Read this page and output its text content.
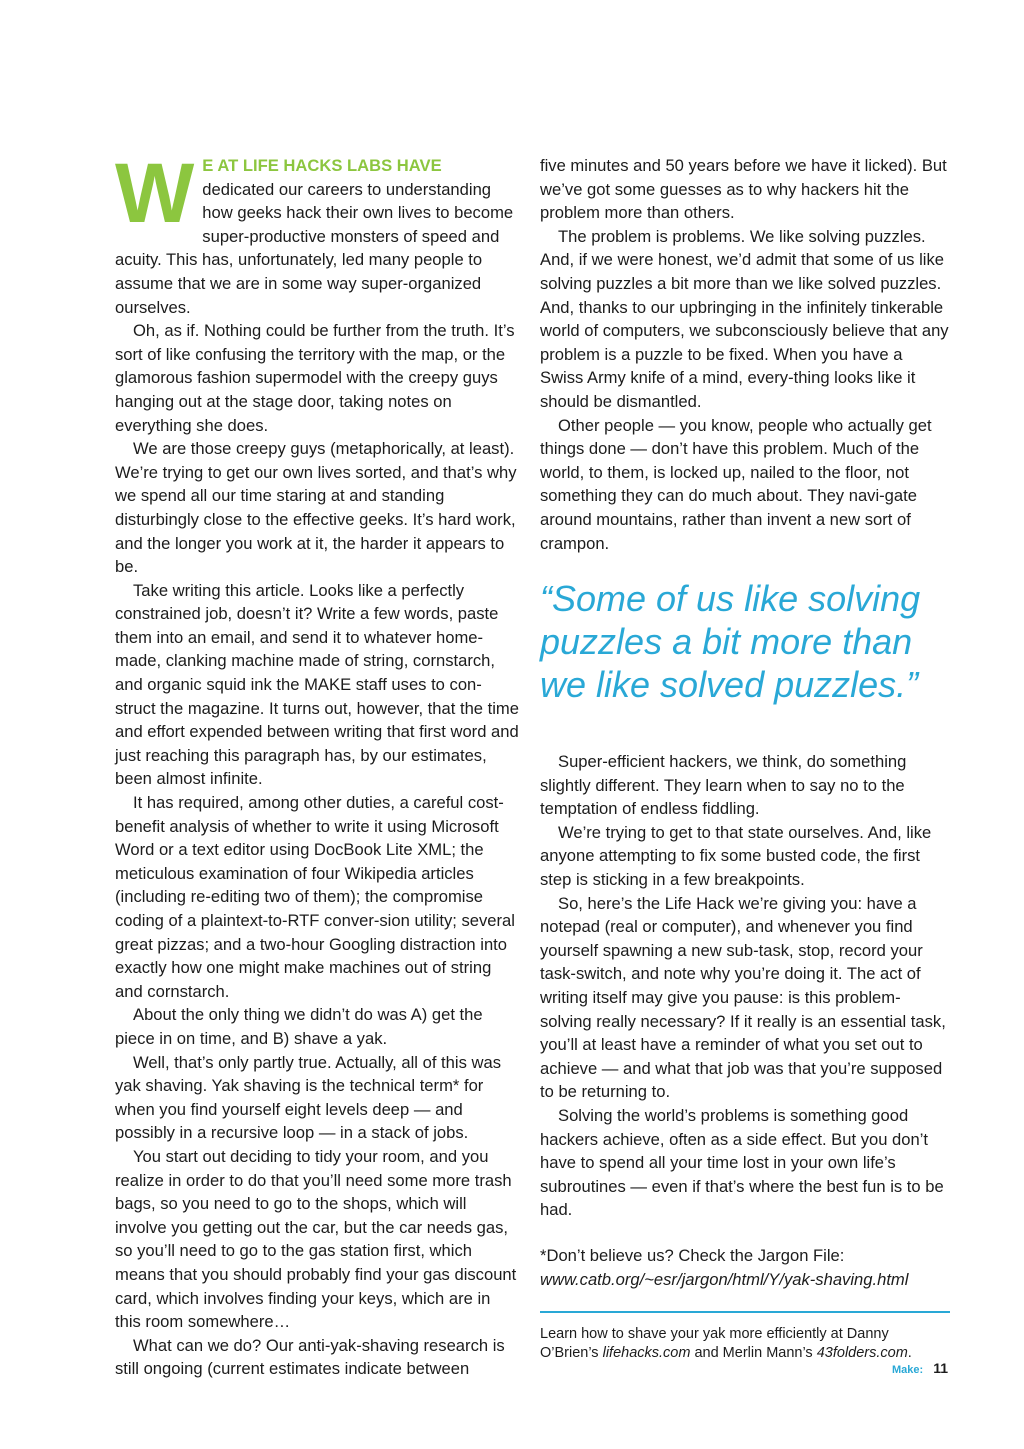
W E AT LIFE HACKS LABS HAVE
dedicated our careers to understanding how geeks hack their own lives to become super-productive monsters of speed and acuity. This has, unfortunately, led many people to assume that we are in some way super-organized ourselves.

Oh, as if. Nothing could be further from the truth. It’s sort of like confusing the territory with the map, or the glamorous fashion supermodel with the creepy guys hanging out at the stage door, taking notes on everything she does.

We are those creepy guys (metaphorically, at least). We’re trying to get our own lives sorted, and that’s why we spend all our time staring at and standing disturbingly close to the effective geeks. It’s hard work, and the longer you work at it, the harder it appears to be.

Take writing this article. Looks like a perfectly constrained job, doesn’t it? Write a few words, paste them into an email, and send it to whatever home-made, clanking machine made of string, cornstarch, and organic squid ink the MAKE staff uses to con-struct the magazine. It turns out, however, that the time and effort expended between writing that first word and just reaching this paragraph has, by our estimates, been almost infinite.

It has required, among other duties, a careful cost-benefit analysis of whether to write it using Microsoft Word or a text editor using DocBook Lite XML; the meticulous examination of four Wikipedia articles (including re-editing two of them); the compromise coding of a plaintext-to-RTF conver-sion utility; several great pizzas; and a two-hour Googling distraction into exactly how one might make machines out of string and cornstarch.

About the only thing we didn’t do was A) get the piece in on time, and B) shave a yak.

Well, that’s only partly true. Actually, all of this was yak shaving. Yak shaving is the technical term* for when you find yourself eight levels deep — and possibly in a recursive loop — in a stack of jobs.

You start out deciding to tidy your room, and you realize in order to do that you’ll need some more trash bags, so you need to go to the shops, which will involve you getting out the car, but the car needs gas, so you’ll need to go to the gas station first, which means that you should probably find your gas discount card, which involves finding your keys, which are in this room somewhere…

What can we do? Our anti-yak-shaving research is still ongoing (current estimates indicate between

five minutes and 50 years before we have it licked). But we’ve got some guesses as to why hackers hit the problem more than others.

The problem is problems. We like solving puzzles. And, if we were honest, we’d admit that some of us like solving puzzles a bit more than we like solved puzzles. And, thanks to our upbringing in the infinitely tinkerable world of computers, we subconsciously believe that any problem is a puzzle to be fixed. When you have a Swiss Army knife of a mind, every-thing looks like it should be dismantled.

Other people — you know, people who actually get things done — don’t have this problem. Much of the world, to them, is locked up, nailed to the floor, not something they can do much about. They navi-gate around mountains, rather than invent a new sort of crampon.

“Some of us like solving puzzles a bit more than we like solved puzzles.”

Super-efficient hackers, we think, do something slightly different. They learn when to say no to the temptation of endless fiddling.

We’re trying to get to that state ourselves. And, like anyone attempting to fix some busted code, the first step is sticking in a few breakpoints.

So, here’s the Life Hack we’re giving you: have a notepad (real or computer), and whenever you find yourself spawning a new sub-task, stop, record your task-switch, and note why you’re doing it. The act of writing itself may give you pause: is this problem-solving really necessary? If it really is an essential task, you’ll at least have a reminder of what you set out to achieve — and what that job was that you’re supposed to be returning to.

Solving the world’s problems is something good hackers achieve, often as a side effect. But you don’t have to spend all your time lost in your own life’s subroutines — even if that’s where the best fun is to be had.

*Don’t believe us? Check the Jargon File:
www.catb.org/~esr/jargon/html/Y/yak-shaving.html

Learn how to shave your yak more efficiently at Danny O’Brien’s lifehacks.com and Merlin Mann’s 43folders.com.
Make: 11
